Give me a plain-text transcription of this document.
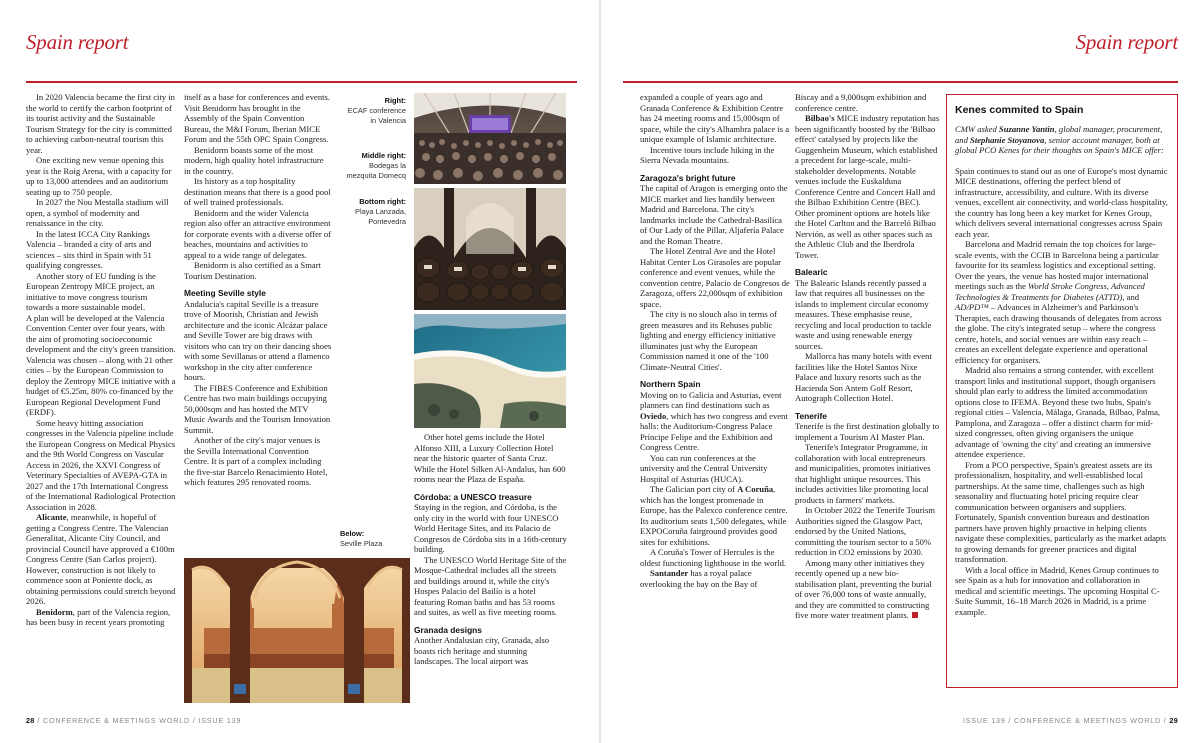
Spain report

In 2020 Valencia became the first city in the world to certify the carbon footprint of its tourist activity and the Sustainable Tourism Strategy for the city is committed to achieving carbon-neutral tourism this year.

One exciting new venue opening this year is the Roig Arena, with a capacity for up to 13,000 attendees and an auditorium seating up to 750 people.

In 2027 the Nou Mestalla stadium will open, a symbol of modernity and renaissance in the city.

In the latest ICCA City Rankings Valencia – branded a city of arts and sciences – sits third in Spain with 51 qualifying congresses.

Another story of EU funding is the European Zentropy MICE project, an initiative to move congress tourism towards a more sustainable model.

A plan will be developed at the Valencia Convention Center over four years, with the aim of promoting socioeconomic development and the city's green transition. Valencia was chosen – along with 21 other cities – by the European Commission to deploy the Zentropy MICE initiative with a budget of €5.25m, 80% co-financed by the European Regional Development Fund (ERDF).

Some heavy hitting association congresses in the Valencia pipeline include the European Congress on Medical Physics and the 9th World Congress on Vascular Access in 2026, the XXVI Congress of Veterinary Specialties of AVEPA-GTA in 2027 and the 17th International Congress of the International Radiological Protection Association in 2028.

Alicante, meanwhile, is hopeful of getting a Congress Centre. The Valencian Generalitat, Alicante City Council, and provincial Council have approved a €100m Congress Centre (San Carlos project). However, construction is not likely to commence soon at Poniente dock, as obtaining permissions could stretch beyond 2026.

Benidorm, part of the Valencia region, has been busy in recent years promoting

itself as a base for conferences and events. Visit Benidorm has brought in the Assembly of the Spain Convention Bureau, the M&I Forum, Iberian MICE Forum and the 55th OPC Spain Congress.

Benidorm boasts some of the most modern, high quality hotel infrastructure in the country.

Its history as a top hospitality destination means that there is a good pool of well trained professionals.

Benidorm and the wider Valencia region also offer an attractive environment for corporate events with a diverse offer of beaches, mountains and activities to appeal to a wide range of delegates.

Benidorm is also certified as a Smart Tourism Destination.

Meeting Seville style

Andalucia's capital Seville is a treasure trove of Moorish, Christian and Jewish architecture and the iconic Alcázar palace and Seville Tower are big draws with visitors who can try on their dancing shoes with some Sevillanas or attend a flamenco workshop in the city after conference hours.

The FIBES Conference and Exhibition Centre has two main buildings occupying 50,000sqm and has hosted the MTV Music Awards and the Tourism Innovation Summit.

Another of the city's major venues is the Sevilla International Convention Centre. It is part of a complex including the five-star Barcelo Renacimiento Hotel, which features 295 renovated rooms.

Right:
ECAF conference in Valencia
Middle right:
Bodegas la mezquita Domecq
Bottom right:
Playa Lanzada, Pontevedra
Below:
Seville Plaza

Other hotel gems include the Hotel Alfonso XIII, a Luxury Collection Hotel near the historic quarter of Santa Cruz. While the Hotel Silken Al-Andalus, has 600 rooms near the Plaza de España.

Córdoba: a UNESCO treasure

Staying in the region, and Córdoba, is the only city in the world with four UNESCO World Heritage Sites, and its Palacio de Congresos de Córdoba sits in a 16th-century building.

The UNESCO World Heritage Site of the Mosque-Cathedral includes all the streets and buildings around it, while the city's Hospes Palacio del Bailío is a hotel featuring Roman baths and has 53 rooms and suites, as well as five meeting rooms.

Granada designs

Another Andalusian city, Granada, also boasts rich heritage and stunning landscapes. The local airport was

28 / CONFERENCE & MEETINGS WORLD / ISSUE 139
Spain report

expanded a couple of years ago and Granada Conference & Exhibition Centre has 24 meeting rooms and 15,000sqm of space, while the city's Alhambra palace is a unique example of Islamic architecture.

Incentive tours include hiking in the Sierra Nevada mountains.

Zaragoza's bright future

The capital of Aragon is emerging onto the MICE market and lies handily between Madrid and Barcelona. The city's landmarks include the Cathedral-Basilica of Our Lady of the Pillar, Aljafería Palace and the Roman Theatre.

The Hotel Zentral Ave and the Hotel Habitat Center Los Girasoles are popular conference and event venues, while the convention centre, Palacio de Congresos de Zaragoza, offers 22,000sqm of exhibition space.

The city is no slouch also in terms of green measures and its Rehuses public lighting and energy efficiency initiative illuminates just why the European Commission named it one of the '100 Climate-Neutral Cities'.

Northern Spain

Moving on to Galicia and Asturias, event planners can find destinations such as Oviedo, which has two congress and event halls: the Auditorium-Congress Palace Príncipe Felipe and the Exhibition and Congress Centre.

You can run conferences at the university and the Central University Hospital of Asturias (HUCA).

The Galician port city of A Coruña, which has the longest promenade in Europe, has the Palexco conference centre. Its auditorium seats 1,500 delegates, while EXPOCoruña fairground provides good sites for exhibitions.

A Coruña's Tower of Hercules is the oldest functioning lighthouse in the world.

Santander has a royal palace overlooking the bay on the Bay of

Biscay and a 9,000sqm exhibition and conference centre.

Bilbao's MICE industry reputation has been significantly boosted by the 'Bilbao effect' catalysed by projects like the Guggenheim Museum, which established a precedent for large-scale, multi-stakeholder developments. Notable venues include the Euskalduna Conference Centre and Concert Hall and the Bilbao Exhibition Centre (BEC). Other prominent options are hotels like the Hotel Carlton and the Barceló Bilbao Nervión, as well as other spaces such as the Athletic Club and the Iberdrola Tower.

Balearic

The Balearic Islands recently passed a law that requires all businesses on the islands to implement circular economy measures. These emphasise reuse, recycling and local production to tackle waste and using renewable energy sources.

Mallorca has many hotels with event facilities like the Hotel Santos Nixe Palace and luxury resorts such as the Hacienda Son Antem Golf Resort, Autograph Collection Hotel.

Tenerife

Tenerife is the first destination globally to implement a Tourism AI Master Plan.

Tenerife's Integrator Programme, in collaboration with local entrepreneurs and municipalities, promotes initiatives that highlight unique resources. This includes activities like promoting local products in farmers' markets.

In October 2022 the Tenerife Tourism Authorities signed the Glasgow Pact, endorsed by the United Nations, committing the tourism sector to a 50% reduction in CO2 emissions by 2030.

Among many other initiatives they recently opened up a new bio-stabilisation plant, preventing the burial of over 76,000 tons of waste annually, and they are committed to constructing five more water treatment plants.

Kenes commited to Spain

CMW asked Suzanne Yantin, global manager, procurement, and Stephanie Stoyanova, senior account manager, both at global PCO Kenes for their thoughts on Spain's MICE offer:

Spain continues to stand out as one of Europe's most dynamic MICE destinations, offering the perfect blend of infrastructure, accessibility, and culture. With its diverse venues, excellent air connectivity, and world-class hospitality, the country has long been a key market for Kenes Group, which delivers several international congresses across Spain each year.

Barcelona and Madrid remain the top choices for large-scale events, with the CCIB in Barcelona being a particular favourite for its seamless logistics and exceptional setting. Over the years, the venue has hosted major international meetings such as the World Stroke Congress, Advanced Technologies & Treatments for Diabetes (ATTD), and AD/PD™ – Advances in Alzheimer's and Parkinson's Therapies, each drawing thousands of delegates from across the globe. The city's integrated setup – where the congress centre, hotels, and social venues are within easy reach – creates an excellent delegate experience and operational efficiency for organisers.

Madrid also remains a strong contender, with excellent transport links and institutional support, though organisers should plan early to address the limited accommodation options close to IFEMA. Beyond these two hubs, Spain's regional cities – Valencia, Málaga, Granada, Bilbao, Palma, Pamplona, and Zaragoza – offer a distinct charm for mid-sized congresses, often giving organisers the unique advantage of 'owning the city' and creating an immersive attendee experience.

From a PCO perspective, Spain's greatest assets are its professionalism, hospitality, and well-established local partnerships. At the same time, challenges such as high seasonality and fluctuating hotel pricing require clear communication between organisers and suppliers. Fortunately, Spanish convention bureaus and destination partners have proven highly proactive in helping clients navigate these complexities, particularly as the market adapts to growing demands for greener practices and digital transformation.

With a local office in Madrid, Kenes Group continues to see Spain as a hub for innovation and collaboration in medical and scientific meetings. The upcoming Hospital C-Suite Summit, 16–18 March 2026 in Madrid, is a prime example.

ISSUE 139 / CONFERENCE & MEETINGS WORLD / 29
